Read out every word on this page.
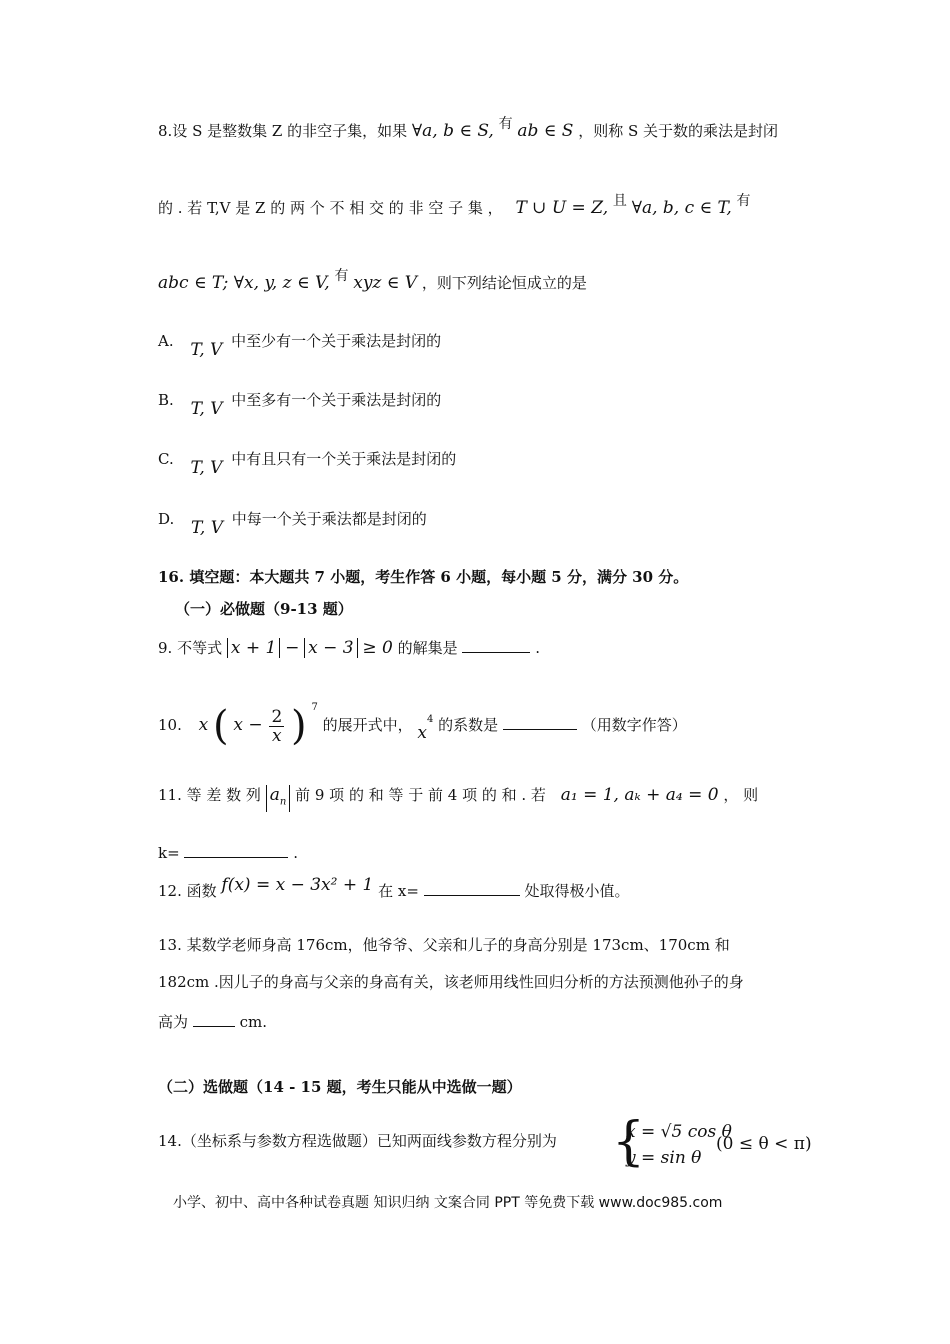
8.设 S 是整数集 Z 的非空子集，如果 ∀a, b ∈ S, 有 ab ∈ S ，则称 S 关于数的乘法是封闭
的 . 若 T,V 是 Z 的 两 个 不 相 交 的 非 空 子 集 ， T ∪ U = Z, 且 ∀a, b, c ∈ T, 有
abc ∈ T; ∀x, y, z ∈ V, 有 xyz ∈ V ，则下列结论恒成立的是
A. T, V 中至少有一个关于乘法是封闭的
B. T, V 中至多有一个关于乘法是封闭的
C. T, V 中有且只有一个关于乘法是封闭的
D. T, V 中每一个关于乘法都是封闭的
16. 填空题：本大题共 7 小题，考生作答 6 小题，每小题 5 分，满分 30 分。
（一）必做题（9-13 题）
9. 不等式 x + 1 − x − 3 ≥ 0 的解集是	.
10. x ( $x - \frac{2}{x}$ ) $^7$ 的展开式中， $x^4$ 的系数是	（用数字作答）
11. 等 差 数 列 $a_n$ 前 9 项 的 和 等 于 前 4 项 的 和 . 若 a₁ = 1, aₖ + a₄ = 0 ， 则
k=	.
12. 函数 f(x) = x − 3x² + 1 在 x=	处取得极小值。
13. 某数学老师身高 176cm，他爷爷、父亲和儿子的身高分别是 173cm、170cm 和
182cm .因儿子的身高与父亲的身高有关，该老师用线性回归分析的方法预测他孙子的身
高为	cm.
（二）选做题（14 - 15 题，考生只能从中选做一题）
14.（坐标系与参数方程选做题）已知两面线参数方程分别为 {
x = √5 cos θ
y = sin θ
(0 ≤ θ < π)
小学、初中、高中各种试卷真题 知识归纳 文案合同 PPT 等免费下载 www.doc985.com
